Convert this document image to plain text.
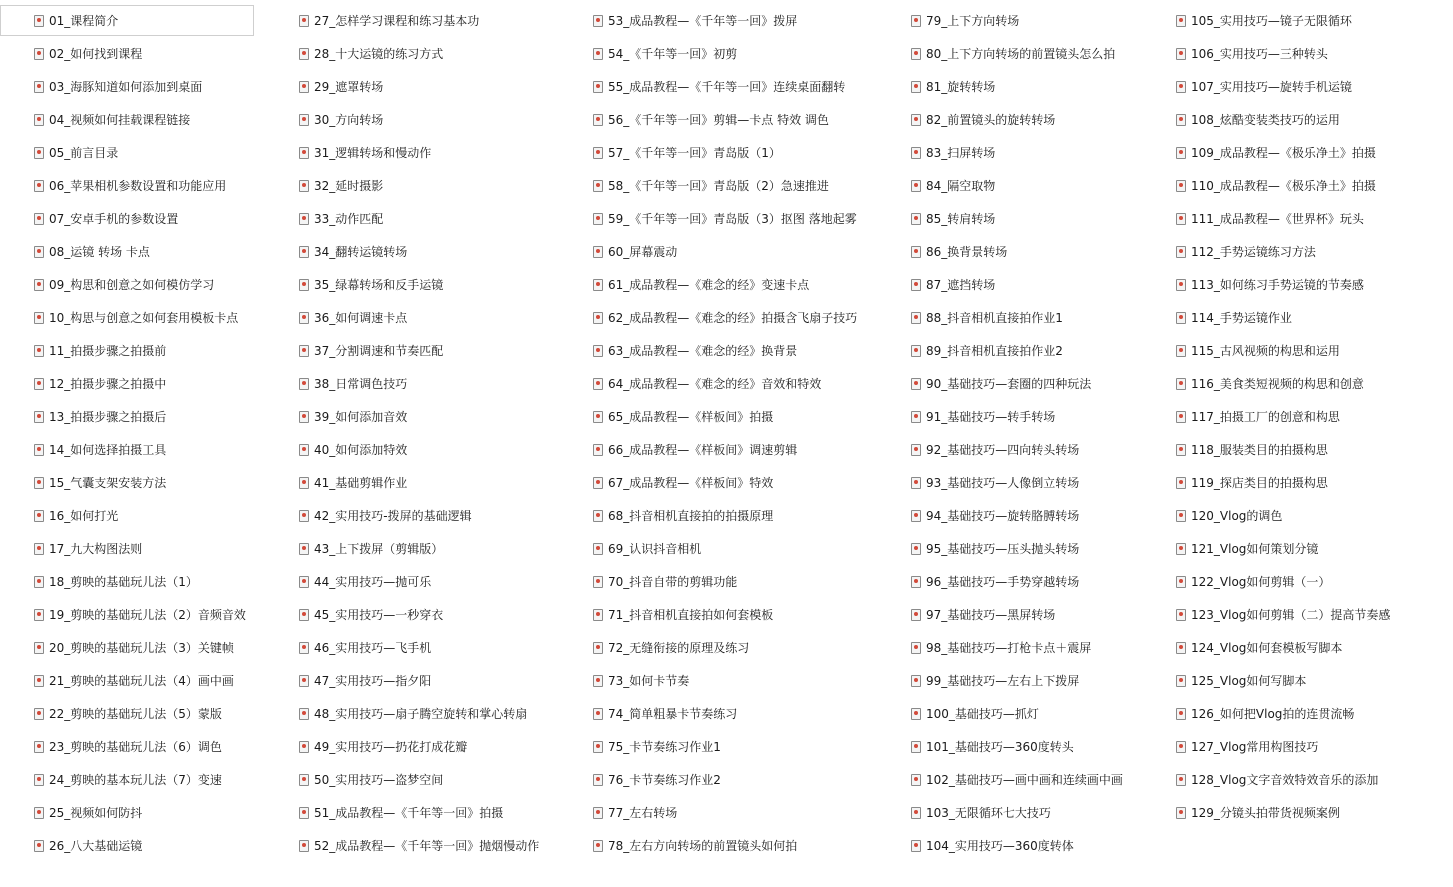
01_课程简介
02_如何找到课程
03_海豚知道如何添加到桌面
04_视频如何挂载课程链接
05_前言目录
06_苹果相机参数设置和功能应用
07_安卓手机的参数设置
08_运镜 转场 卡点
09_构思和创意之如何模仿学习
10_构思与创意之如何套用模板卡点
11_拍摄步骤之拍摄前
12_拍摄步骤之拍摄中
13_拍摄步骤之拍摄后
14_如何选择拍摄工具
15_气囊支架安装方法
16_如何打光
17_九大构图法则
18_剪映的基础玩儿法（1）
19_剪映的基础玩儿法（2）音频音效
20_剪映的基础玩儿法（3）关键帧
21_剪映的基础玩儿法（4）画中画
22_剪映的基础玩儿法（5）蒙版
23_剪映的基础玩儿法（6）调色
24_剪映的基本玩儿法（7）变速
25_视频如何防抖
26_八大基础运镜
27_怎样学习课程和练习基本功
28_十大运镜的练习方式
29_遮罩转场
30_方向转场
31_逻辑转场和慢动作
32_延时摄影
33_动作匹配
34_翻转运镜转场
35_绿幕转场和反手运镜
36_如何调速卡点
37_分割调速和节奏匹配
38_日常调色技巧
39_如何添加音效
40_如何添加特效
41_基础剪辑作业
42_实用技巧-拨屏的基础逻辑
43_上下拨屏（剪辑版）
44_实用技巧—抛可乐
45_实用技巧—一秒穿衣
46_实用技巧—飞手机
47_实用技巧—指夕阳
48_实用技巧—扇子腾空旋转和掌心转扇
49_实用技巧—扔花打成花瓣
50_实用技巧—盗梦空间
51_成品教程—《千年等一回》拍摄
52_成品教程—《千年等一回》抛烟慢动作
53_成品教程—《千年等一回》拨屏
54_《千年等一回》初剪
55_成品教程—《千年等一回》连续桌面翻转
56_《千年等一回》剪辑—卡点 特效 调色
57_《千年等一回》青岛版（1）
58_《千年等一回》青岛版（2）急速推进
59_《千年等一回》青岛版（3）抠图 落地起雾
60_屏幕震动
61_成品教程—《难念的经》变速卡点
62_成品教程—《难念的经》拍摄含飞扇子技巧
63_成品教程—《难念的经》换背景
64_成品教程—《难念的经》音效和特效
65_成品教程—《样板间》拍摄
66_成品教程—《样板间》调速剪辑
67_成品教程—《样板间》特效
68_抖音相机直接拍的拍摄原理
69_认识抖音相机
70_抖音自带的剪辑功能
71_抖音相机直接拍如何套模板
72_无缝衔接的原理及练习
73_如何卡节奏
74_简单粗暴卡节奏练习
75_卡节奏练习作业1
76_卡节奏练习作业2
77_左右转场
78_左右方向转场的前置镜头如何拍
79_上下方向转场
80_上下方向转场的前置镜头怎么拍
81_旋转转场
82_前置镜头的旋转转场
83_扫屏转场
84_隔空取物
85_转肩转场
86_换背景转场
87_遮挡转场
88_抖音相机直接拍作业1
89_抖音相机直接拍作业2
90_基础技巧—套圈的四种玩法
91_基础技巧—转手转场
92_基础技巧—四向转头转场
93_基础技巧—人像倒立转场
94_基础技巧—旋转胳膊转场
95_基础技巧—压头抛头转场
96_基础技巧—手势穿越转场
97_基础技巧—黑屏转场
98_基础技巧—打枪卡点＋震屏
99_基础技巧—左右上下拨屏
100_基础技巧—抓灯
101_基础技巧—360度转头
102_基础技巧—画中画和连续画中画
103_无限循环七大技巧
104_实用技巧—360度转体
105_实用技巧—镜子无限循环
106_实用技巧—三种转头
107_实用技巧—旋转手机运镜
108_炫酷变装类技巧的运用
109_成品教程—《极乐净土》拍摄
110_成品教程—《极乐净土》拍摄
111_成品教程—《世界杯》玩头
112_手势运镜练习方法
113_如何练习手势运镜的节奏感
114_手势运镜作业
115_古风视频的构思和运用
116_美食类短视频的构思和创意
117_拍摄工厂的创意和构思
118_服装类目的拍摄构思
119_探店类目的拍摄构思
120_Vlog的调色
121_Vlog如何策划分镜
122_Vlog如何剪辑（一）
123_Vlog如何剪辑（二）提高节奏感
124_Vlog如何套模板写脚本
125_Vlog如何写脚本
126_如何把Vlog拍的连贯流畅
127_Vlog常用构图技巧
128_Vlog文字音效特效音乐的添加
129_分镜头拍带货视频案例
